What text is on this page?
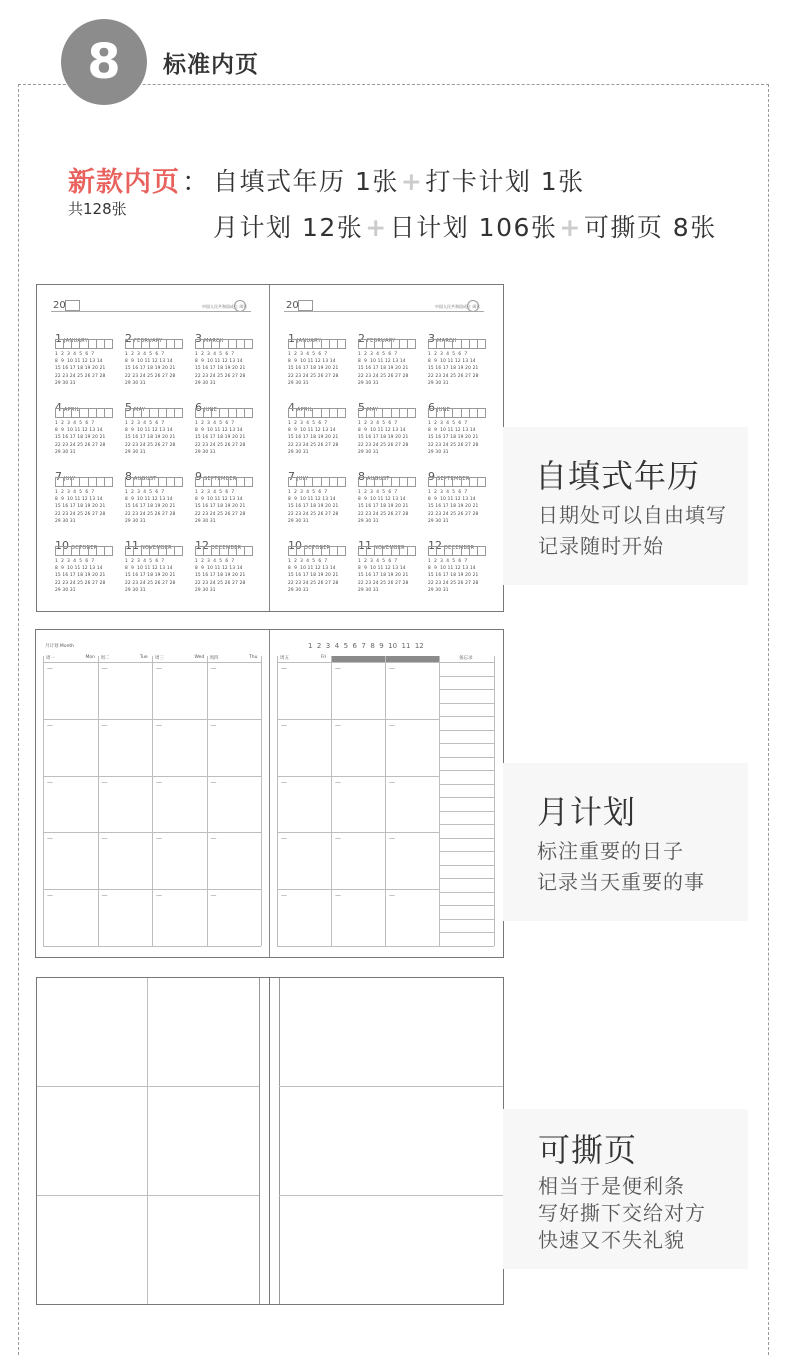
8	标准内页
新款内页 ：
共128张
自填式年历 1张+打卡计划 1张
月计划 12张+日计划 106张+可撕页 8张
20	中国人民共和国成立 周年
1 JANUARY
1  2  3  4  5  6  7
8  9  10 11 12 13 14
15 16 17 18 19 20 21
22 23 24 25 26 27 28
29 30 31
2 FEBRUARY
1  2  3  4  5  6  7
8  9  10 11 12 13 14
15 16 17 18 19 20 21
22 23 24 25 26 27 28
29 30 31
3 MARCH
1  2  3  4  5  6  7
8  9  10 11 12 13 14
15 16 17 18 19 20 21
22 23 24 25 26 27 28
29 30 31
4 APRIL
1  2  3  4  5  6  7
8  9  10 11 12 13 14
15 16 17 18 19 20 21
22 23 24 25 26 27 28
29 30 31
5 MAY
1  2  3  4  5  6  7
8  9  10 11 12 13 14
15 16 17 18 19 20 21
22 23 24 25 26 27 28
29 30 31
6 JUNE
1  2  3  4  5  6  7
8  9  10 11 12 13 14
15 16 17 18 19 20 21
22 23 24 25 26 27 28
29 30 31
7 JULY
1  2  3  4  5  6  7
8  9  10 11 12 13 14
15 16 17 18 19 20 21
22 23 24 25 26 27 28
29 30 31
8 AUGUST
1  2  3  4  5  6  7
8  9  10 11 12 13 14
15 16 17 18 19 20 21
22 23 24 25 26 27 28
29 30 31
9 SEPTEMBER
1  2  3  4  5  6  7
8  9  10 11 12 13 14
15 16 17 18 19 20 21
22 23 24 25 26 27 28
29 30 31
10 OCTOBER
1  2  3  4  5  6  7
8  9  10 11 12 13 14
15 16 17 18 19 20 21
22 23 24 25 26 27 28
29 30 31
11 NOVEMBER
1  2  3  4  5  6  7
8  9  10 11 12 13 14
15 16 17 18 19 20 21
22 23 24 25 26 27 28
29 30 31
12 DECEMBER
1  2  3  4  5  6  7
8  9  10 11 12 13 14
15 16 17 18 19 20 21
22 23 24 25 26 27 28
29 30 31
20	中国人民共和国成立 周年
1 JANUARY
1  2  3  4  5  6  7
8  9  10 11 12 13 14
15 16 17 18 19 20 21
22 23 24 25 26 27 28
29 30 31
2 FEBRUARY
1  2  3  4  5  6  7
8  9  10 11 12 13 14
15 16 17 18 19 20 21
22 23 24 25 26 27 28
29 30 31
3 MARCH
1  2  3  4  5  6  7
8  9  10 11 12 13 14
15 16 17 18 19 20 21
22 23 24 25 26 27 28
29 30 31
4 APRIL
1  2  3  4  5  6  7
8  9  10 11 12 13 14
15 16 17 18 19 20 21
22 23 24 25 26 27 28
29 30 31
5 MAY
1  2  3  4  5  6  7
8  9  10 11 12 13 14
15 16 17 18 19 20 21
22 23 24 25 26 27 28
29 30 31
6 JUNE
1  2  3  4  5  6  7
8  9  10 11 12 13 14
15 16 17 18 19 20 21
22 23 24 25 26 27 28
29 30 31
7 JULY
1  2  3  4  5  6  7
8  9  10 11 12 13 14
15 16 17 18 19 20 21
22 23 24 25 26 27 28
29 30 31
8 AUGUST
1  2  3  4  5  6  7
8  9  10 11 12 13 14
15 16 17 18 19 20 21
22 23 24 25 26 27 28
29 30 31
9 SEPTEMBER
1  2  3  4  5  6  7
8  9  10 11 12 13 14
15 16 17 18 19 20 21
22 23 24 25 26 27 28
29 30 31
10 OCTOBER
1  2  3  4  5  6  7
8  9  10 11 12 13 14
15 16 17 18 19 20 21
22 23 24 25 26 27 28
29 30 31
11 NOVEMBER
1  2  3  4  5  6  7
8  9  10 11 12 13 14
15 16 17 18 19 20 21
22 23 24 25 26 27 28
29 30 31
12 DECEMBER
1  2  3  4  5  6  7
8  9  10 11 12 13 14
15 16 17 18 19 20 21
22 23 24 25 26 27 28
29 30 31
月计划 Month
周一	Mon 周二	Tue 周三	Wed 周四	Thu
—	—	—	—
—	—	—	—
—	—	—	—
—	—	—	—
—	—	—	—
1  2  3  4  5  6  7  8  9  10  11  12
周五	Fri	备忘录
—	—	—
—	—	—
—	—	—
—	—	—
—	—	—
自填式年历
日期处可以自由填写
记录随时开始
月计划
标注重要的日子
记录当天重要的事
可撕页
相当于是便利条
写好撕下交给对方
快速又不失礼貌
